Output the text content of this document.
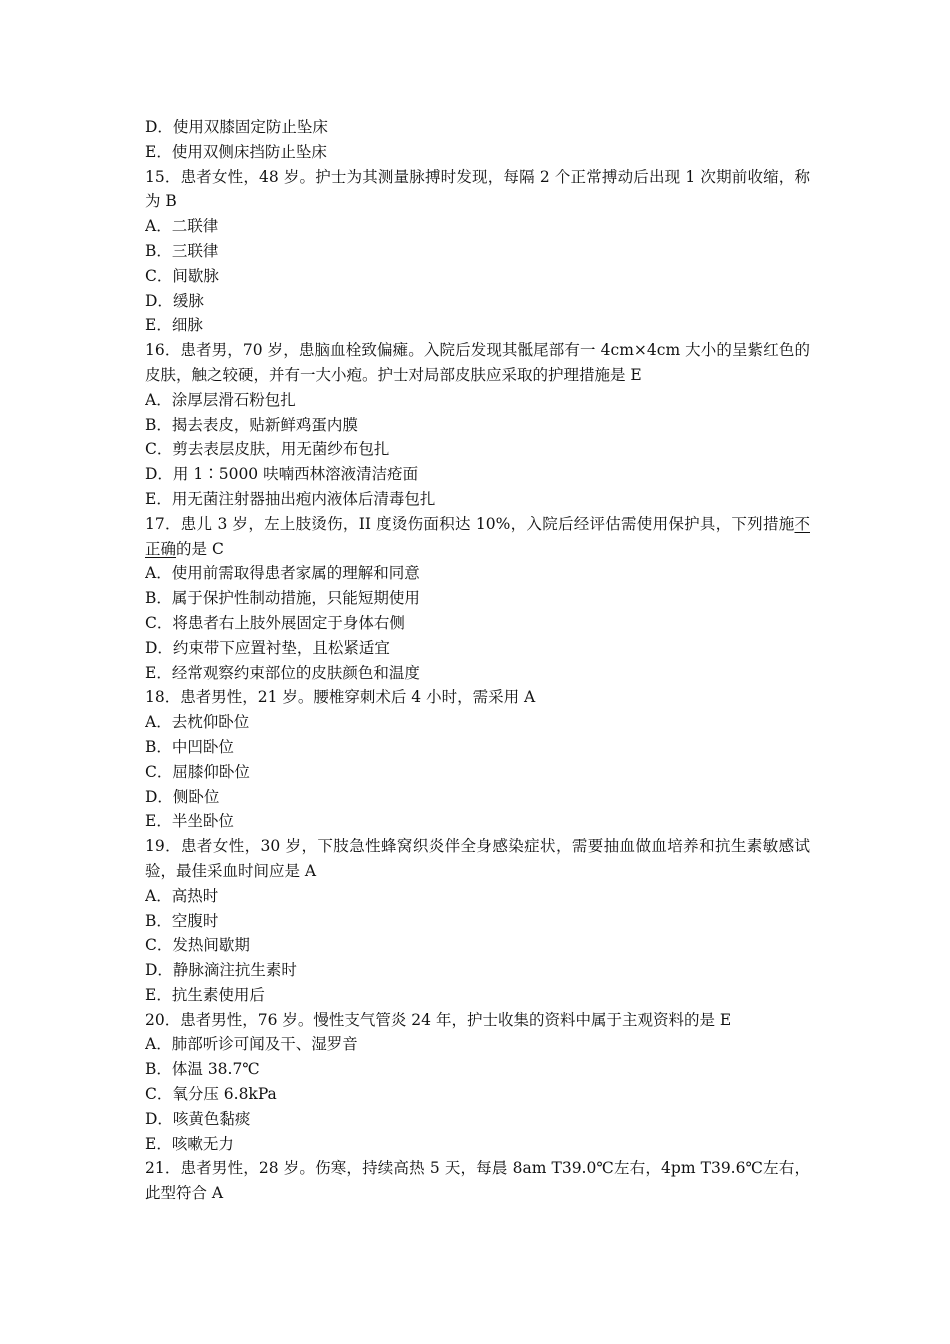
D．使用双膝固定防止坠床
E．使用双侧床挡防止坠床
15．患者女性，48 岁。护士为其测量脉搏时发现，每隔 2 个正常搏动后出现 1 次期前收缩，称为 B
A．二联律
B．三联律
C．间歇脉
D．缓脉
E．细脉
16．患者男，70 岁，患脑血栓致偏瘫。入院后发现其骶尾部有一 4cm×4cm 大小的呈紫红色的皮肤，触之较硬，并有一大小疱。护士对局部皮肤应采取的护理措施是 E
A．涂厚层滑石粉包扎
B．揭去表皮，贴新鲜鸡蛋内膜
C．剪去表层皮肤，用无菌纱布包扎
D．用 1∶5000 呋喃西林溶液清洁疮面
E．用无菌注射器抽出疱内液体后清毒包扎
17．患儿 3 岁，左上肢烫伤，II 度烫伤面积达 10%，入院后经评估需使用保护具，下列措施不正确的是 C
A．使用前需取得患者家属的理解和同意
B．属于保护性制动措施，只能短期使用
C．将患者右上肢外展固定于身体右侧
D．约束带下应置衬垫，且松紧适宜
E．经常观察约束部位的皮肤颜色和温度
18．患者男性，21 岁。腰椎穿刺术后 4 小时，需采用 A
A．去枕仰卧位
B．中凹卧位
C．屈膝仰卧位
D．侧卧位
E．半坐卧位
19．患者女性，30 岁，下肢急性蜂窝织炎伴全身感染症状，需要抽血做血培养和抗生素敏感试验，最佳采血时间应是 A
A．高热时
B．空腹时
C．发热间歇期
D．静脉滴注抗生素时
E．抗生素使用后
20．患者男性，76 岁。慢性支气管炎 24 年，护士收集的资料中属于主观资料的是 E
A．肺部听诊可闻及干、湿罗音
B．体温 38.7℃
C．氧分压 6.8kPa
D．咳黄色黏痰
E．咳嗽无力
21．患者男性，28 岁。伤寒，持续高热 5 天，每晨 8am T39.0℃左右，4pm T39.6℃左右，此型符合 A
